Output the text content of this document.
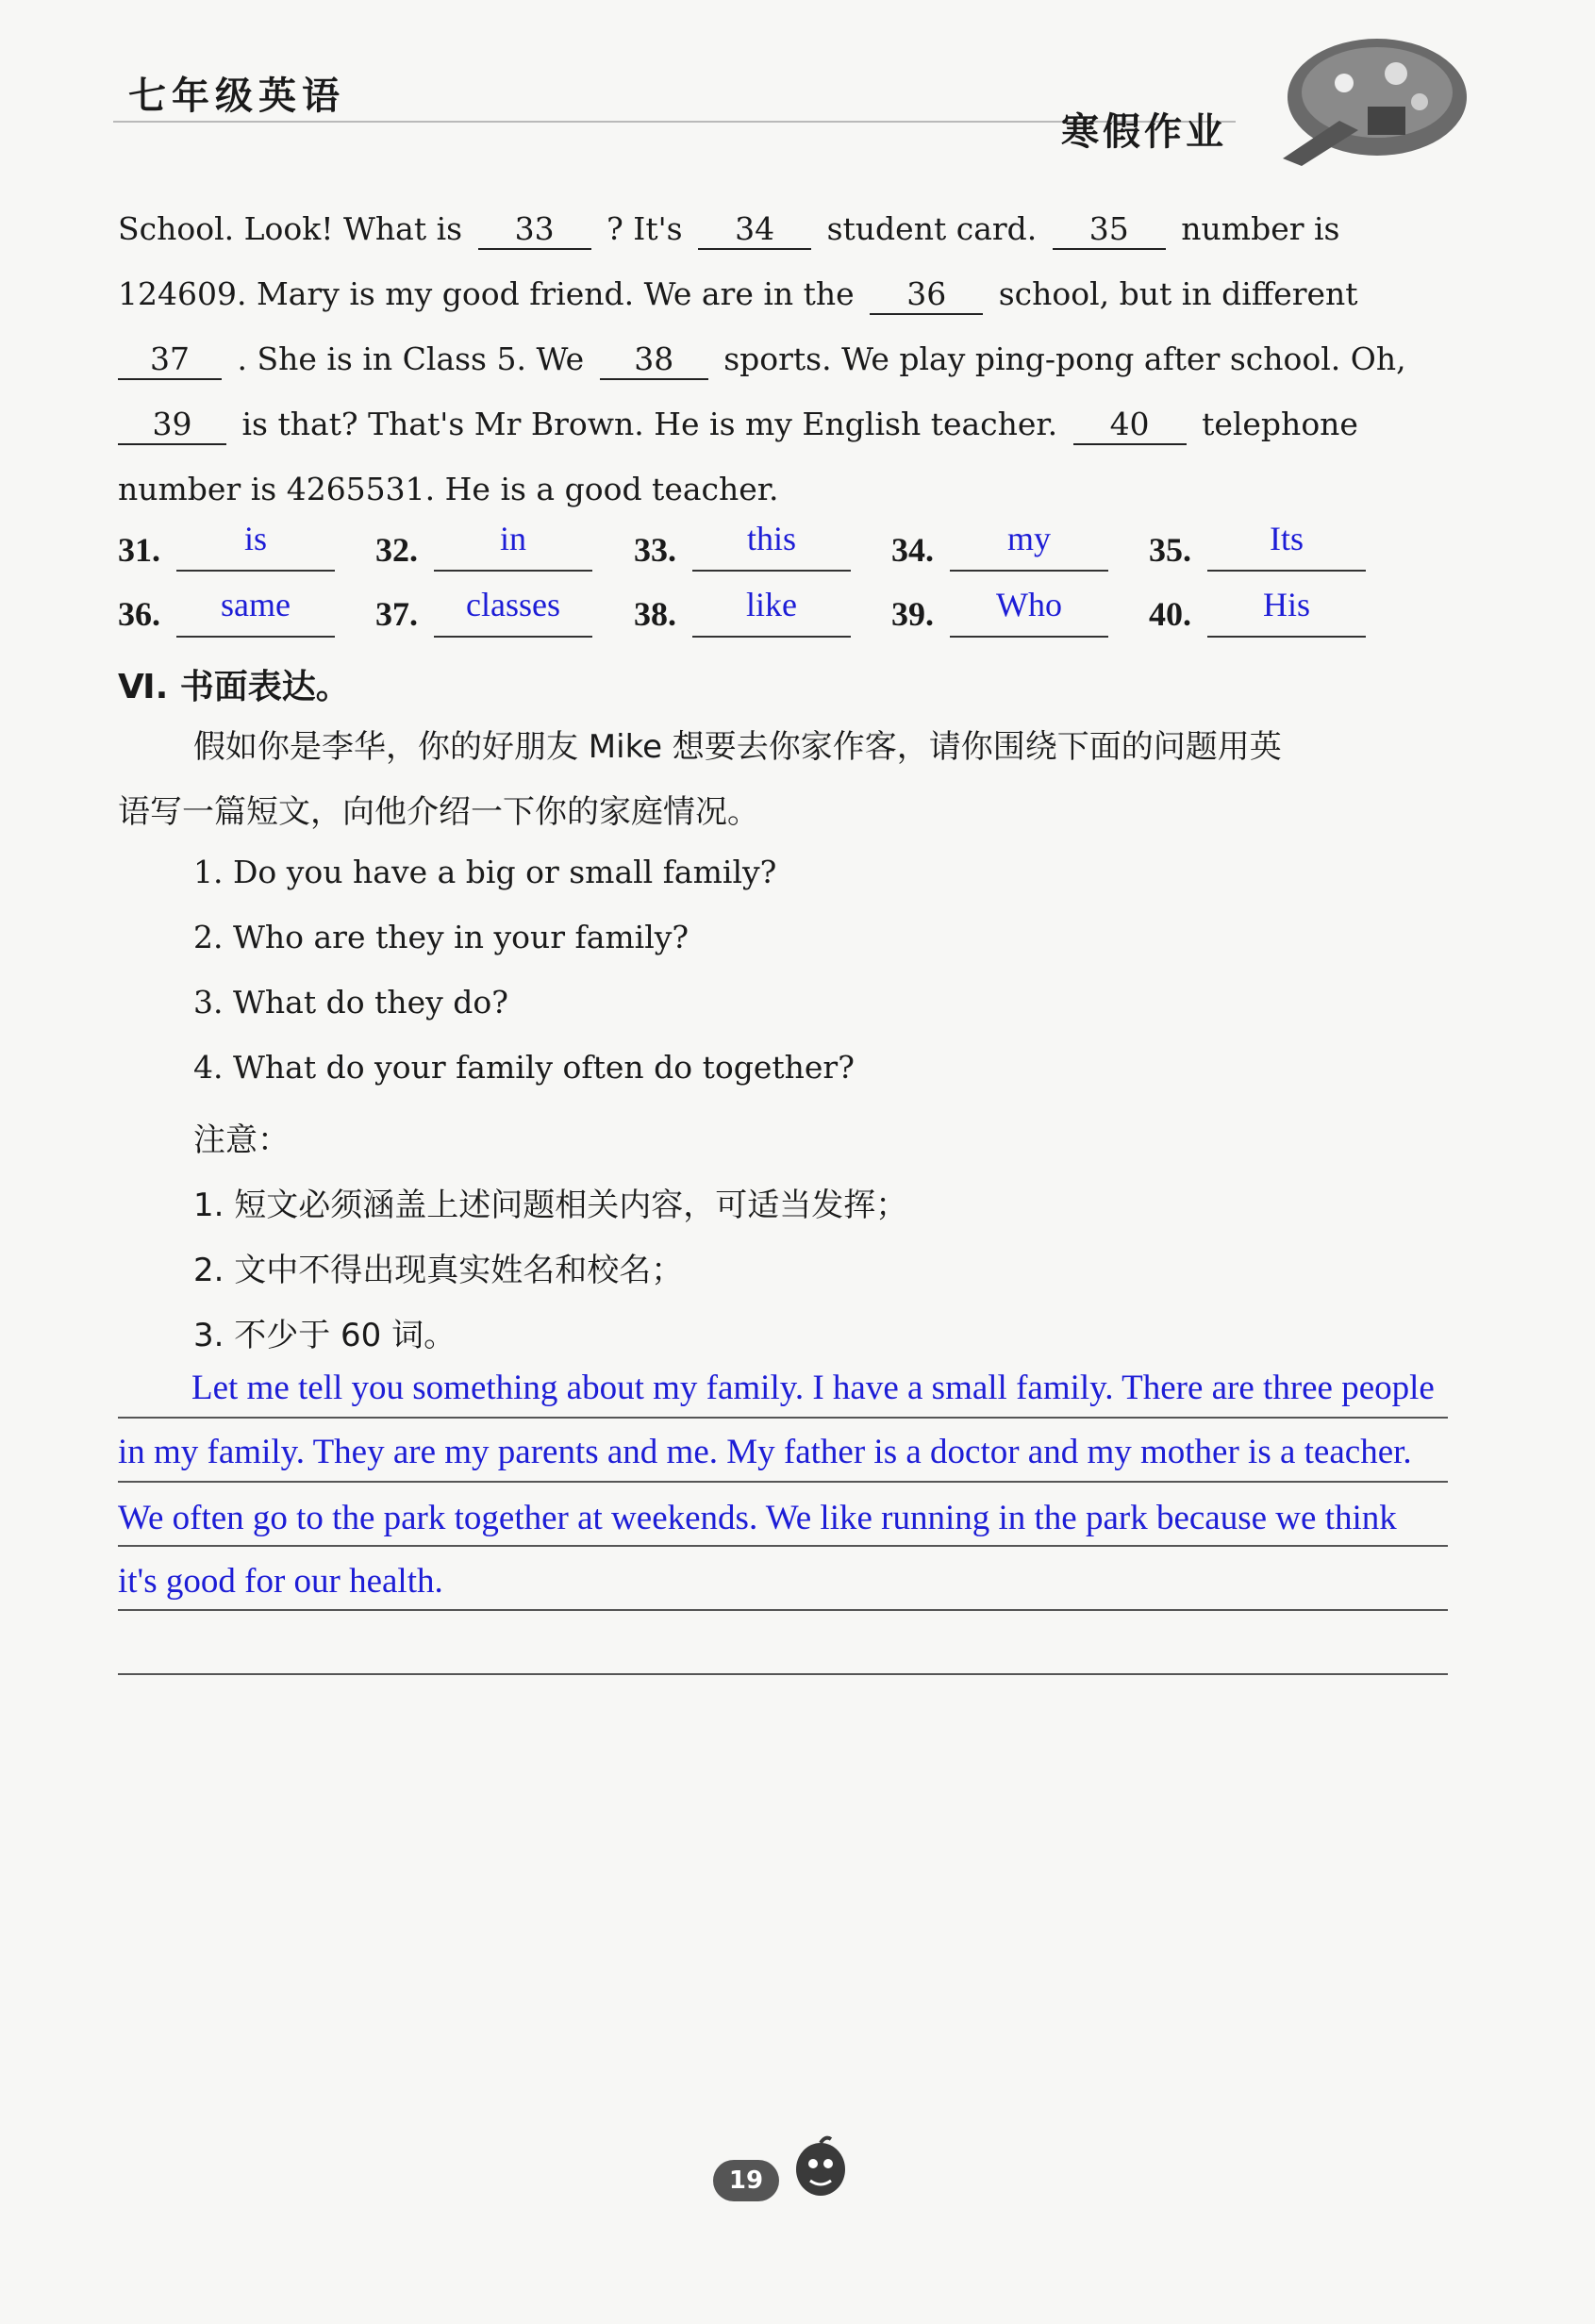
七年级英语
寒假作业
School. Look! What is 33 ? It's 34 student card. 35 number is
124609. Mary is my good friend. We are in the 36 school, but in different
37 . She is in Class 5. We 38 sports. We play ping-pong after school. Oh,
39 is that? That's Mr Brown. He is my English teacher. 40 telephone
number is 4265531. He is a good teacher.
31.	is	32.	in	33.	this	34.	my	35.	Its
36.	same	37.	classes	38.	like	39.	Who	40.	His
Ⅵ. 书面表达。
假如你是李华，你的好朋友 Mike 想要去你家作客，请你围绕下面的问题用英
语写一篇短文，向他介绍一下你的家庭情况。
1. Do you have a big or small family?
2. Who are they in your family?
3. What do they do?
4. What do your family often do together?
注意：
1. 短文必须涵盖上述问题相关内容，可适当发挥；
2. 文中不得出现真实姓名和校名；
3. 不少于 60 词。
Let me tell you something about my family. I have a small family. There are three people
in my family. They are my parents and me. My father is a doctor and my mother is a teacher.
We often go to the park together at weekends. We like running in the park because we think
it's good for our health.
19
